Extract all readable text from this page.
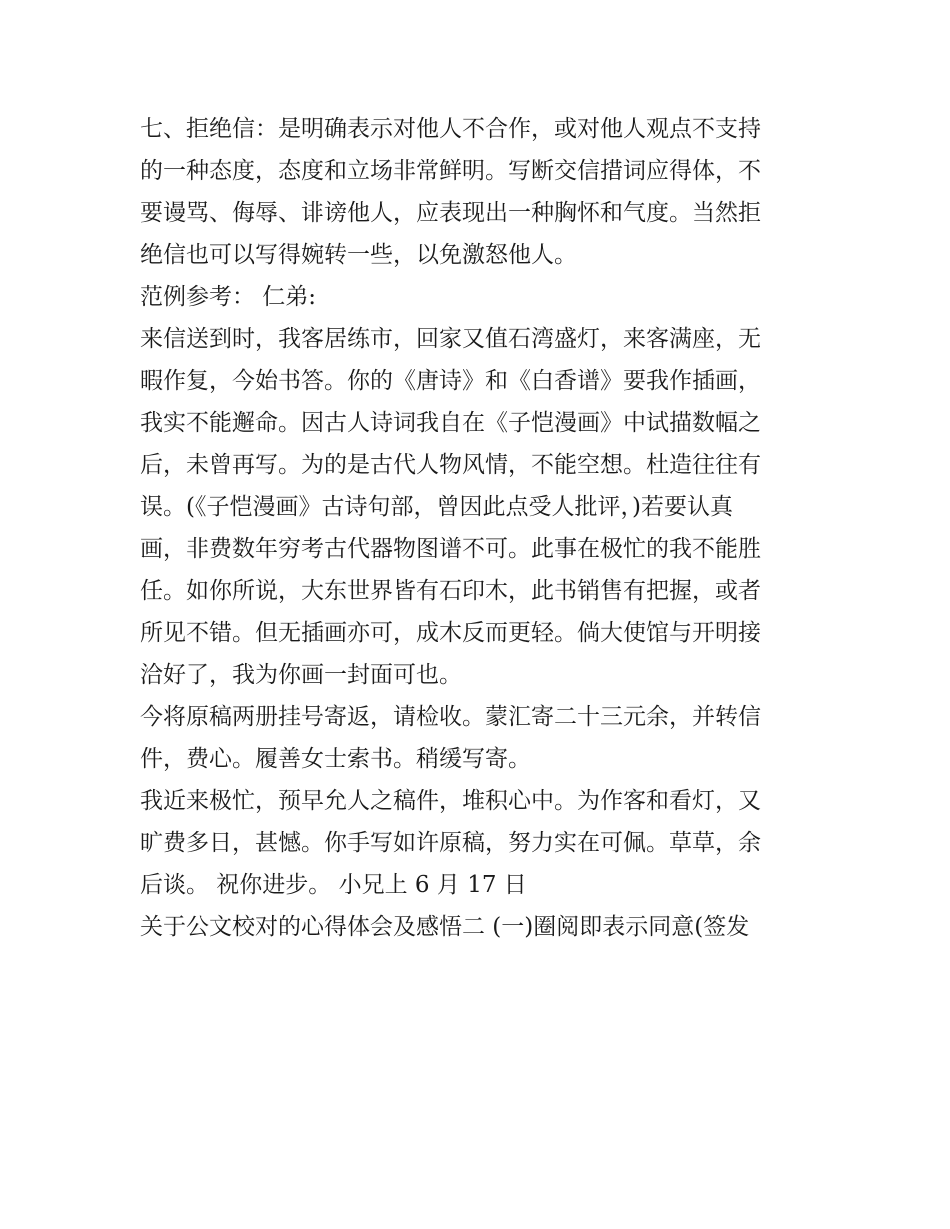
七、拒绝信：是明确表示对他人不合作，或对他人观点不支持
的一种态度，态度和立场非常鲜明。写断交信措词应得体，不
要谩骂、侮辱、诽谤他人，应表现出一种胸怀和气度。当然拒
绝信也可以写得婉转一些，以免激怒他人。
范例参考： 仁弟:
来信送到时，我客居练市，回家又值石湾盛灯，来客满座，无
暇作复，今始书答。你的《唐诗》和《白香谱》要我作插画，
我实不能邂命。因古人诗词我自在《子恺漫画》中试描数幅之
后，未曾再写。为的是古代人物风情，不能空想。杜造往往有
误。(《子恺漫画》古诗句部，曾因此点受人批评，)若要认真
画，非费数年穷考古代器物图谱不可。此事在极忙的我不能胜
任。如你所说，大东世界皆有石印木，此书销售有把握，或者
所见不错。但无插画亦可，成木反而更轻。倘大使馆与开明接
洽好了，我为你画一封面可也。
今将原稿两册挂号寄返，请检收。蒙汇寄二十三元余，并转信
件，费心。履善女士索书。稍缓写寄。
我近来极忙，预早允人之稿件，堆积心中。为作客和看灯，又
旷费多日，甚憾。你手写如许原稿，努力实在可佩。草草，余
后谈。 祝你进步。 小兄上 6 月 17 日
关于公文校对的心得体会及感悟二 (一)圈阅即表示同意(签发
